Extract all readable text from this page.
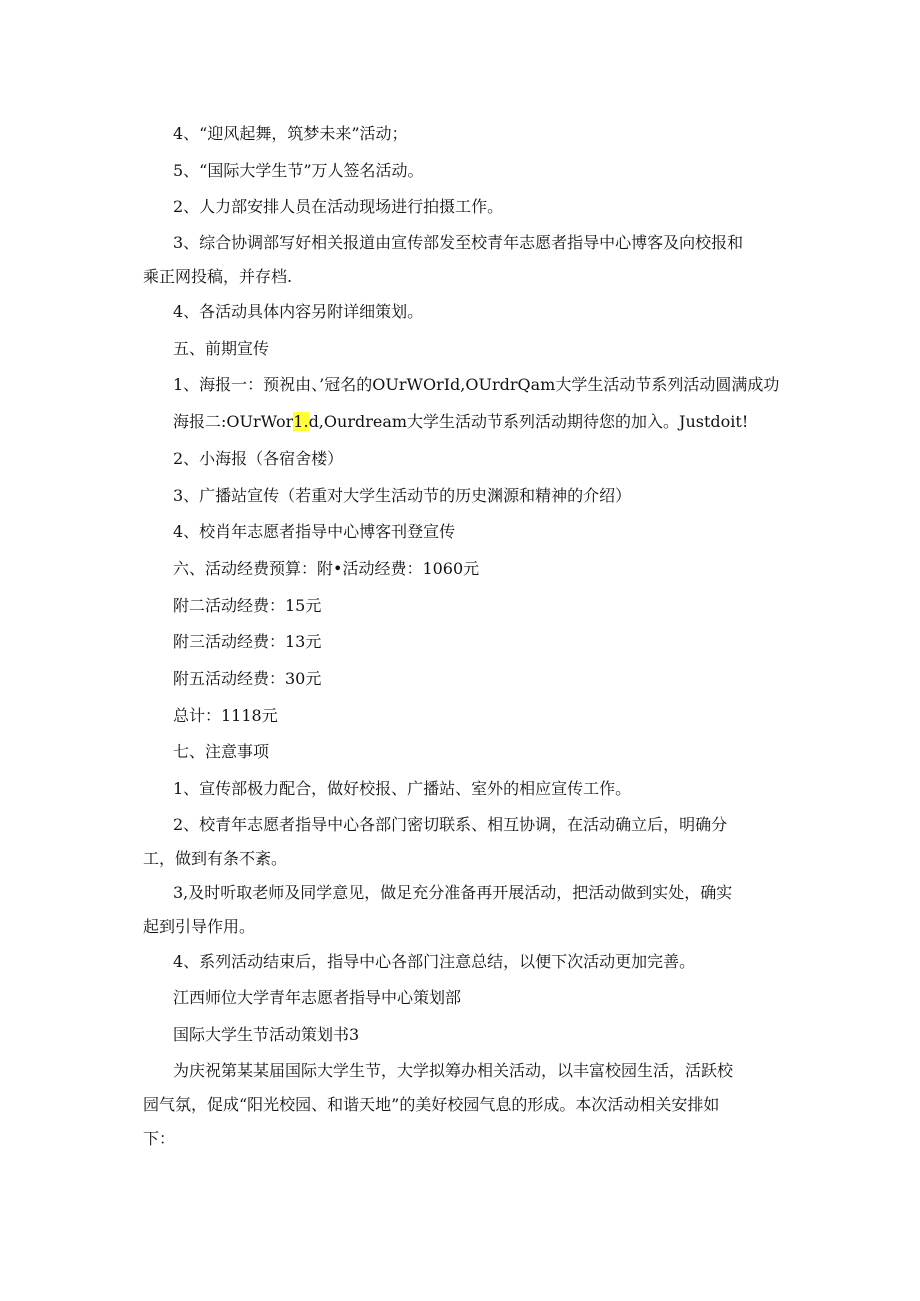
4、“迎风起舞，筑梦未来”活动；
5、“国际大学生节”万人签名活动。
2、人力部安排人员在活动现场进行拍摄工作。
3、综合协调部写好相关报道由宣传部发至校青年志愿者指导中心博客及向校报和
乘正网投稿，并存档.
4、各活动具体内容另附详细策划。
五、前期宣传
1、海报一：预祝由、’冠名的OUrWOrId,OUrdrQam大学生活动节系列活动圆满成功
海报二:OUrWor1.d,Ourdream大学生活动节系列活动期待您的加入。Justdoit!
2、小海报（各宿舍楼）
3、广播站宣传（若重对大学生活动节的历史渊源和精神的介绍）
4、校肖年志愿者指导中心博客刊登宣传
六、活动经费预算：附•活动经费：1060元
附二活动经费：15元
附三活动经费：13元
附五活动经费：30元
总计：1118元
七、注意事项
1、宣传部极力配合，做好校报、广播站、室外的相应宣传工作。
2、校青年志愿者指导中心各部门密切联系、相互协调，在活动确立后，明确分
工，做到有条不紊。
3,及时听取老师及同学意见，做足充分准备再开展活动，把活动做到实处，确实
起到引导作用。
4、系列活动结束后，指导中心各部门注意总结，以便下次活动更加完善。
江西师位大学青年志愿者指导中心策划部
国际大学生节活动策划书3
为庆祝第某某届国际大学生节，大学拟筹办相关活动，以丰富校园生活，活跃校
园气氛，促成“阳光校园、和谐天地”的美好校园气息的形成。本次活动相关安排如
下：
